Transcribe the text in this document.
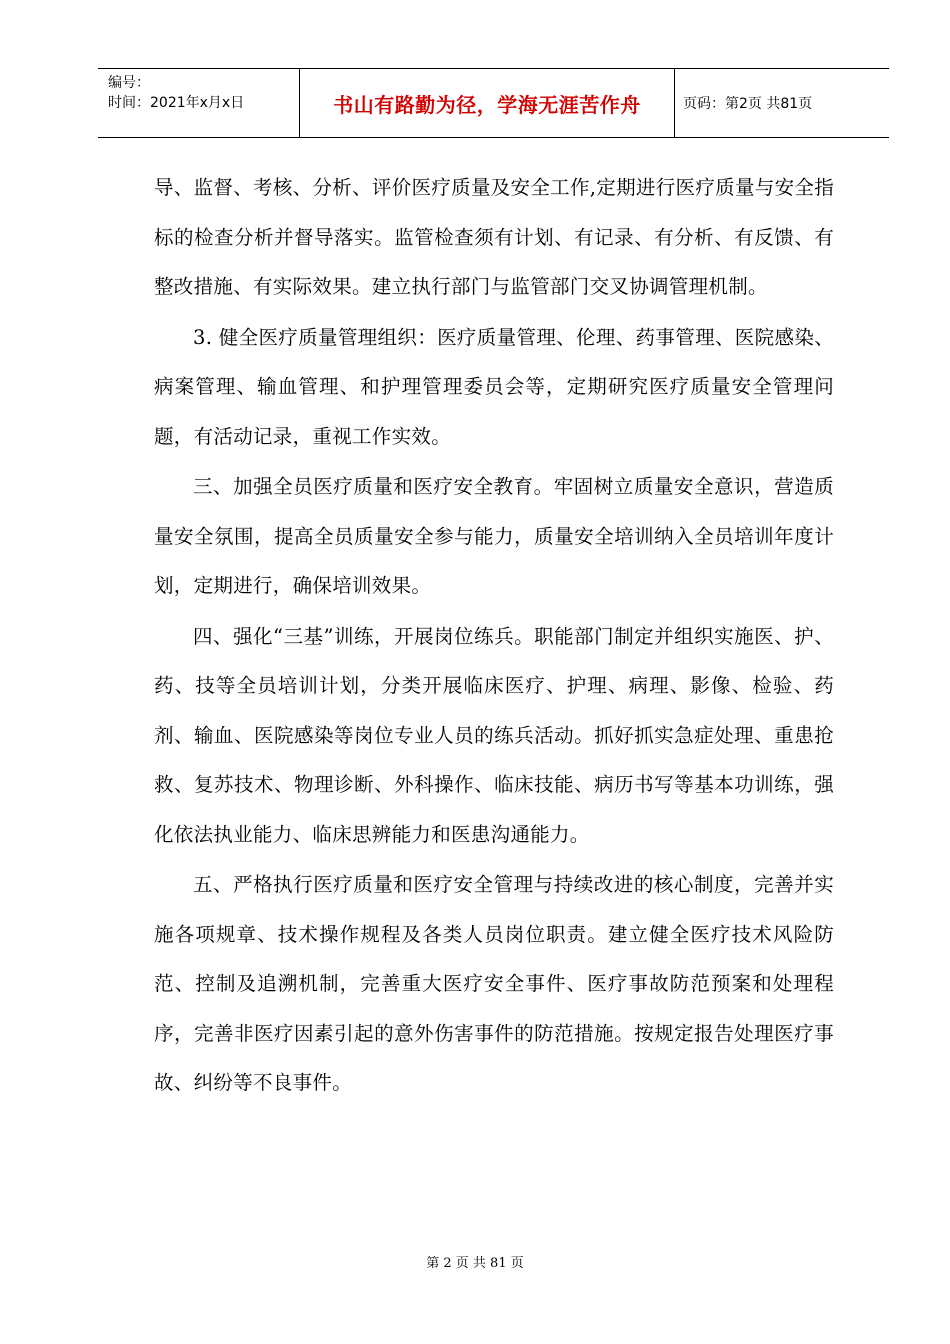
编号：
时间：2021年x月x日	书山有路勤为径，学海无涯苦作舟	页码：第2页 共81页

导、监督、考核、分析、评价医疗质量及安全工作,定期进行医疗质量与安全指标的检查分析并督导落实。监管检查须有计划、有记录、有分析、有反馈、有整改措施、有实际效果。建立执行部门与监管部门交叉协调管理机制。

3. 健全医疗质量管理组织：医疗质量管理、伦理、药事管理、医院感染、病案管理、输血管理、和护理管理委员会等，定期研究医疗质量安全管理问题，有活动记录，重视工作实效。

三、加强全员医疗质量和医疗安全教育。牢固树立质量安全意识，营造质量安全氛围，提高全员质量安全参与能力，质量安全培训纳入全员培训年度计划，定期进行，确保培训效果。

四、强化“三基”训练，开展岗位练兵。职能部门制定并组织实施医、护、药、技等全员培训计划，分类开展临床医疗、护理、病理、影像、检验、药剂、输血、医院感染等岗位专业人员的练兵活动。抓好抓实急症处理、重患抢救、复苏技术、物理诊断、外科操作、临床技能、病历书写等基本功训练，强化依法执业能力、临床思辨能力和医患沟通能力。

五、严格执行医疗质量和医疗安全管理与持续改进的核心制度，完善并实施各项规章、技术操作规程及各类人员岗位职责。建立健全医疗技术风险防范、控制及追溯机制，完善重大医疗安全事件、医疗事故防范预案和处理程序，完善非医疗因素引起的意外伤害事件的防范措施。按规定报告处理医疗事故、纠纷等不良事件。

第 2 页 共 81 页
